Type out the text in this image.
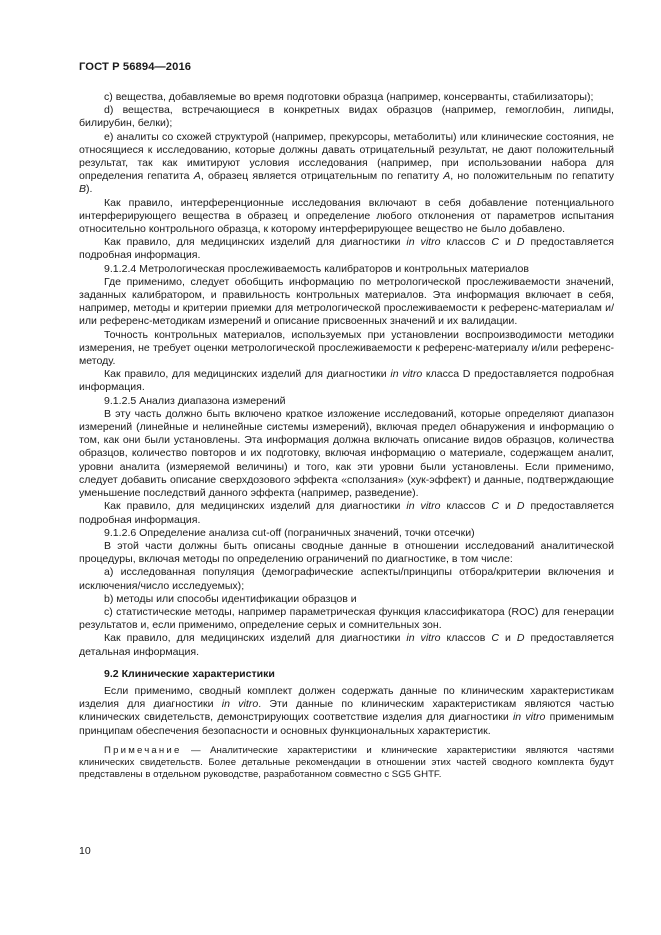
ГОСТ Р 56894—2016

c) вещества, добавляемые во время подготовки образца (например, консерванты, стабилизаторы);

d) вещества, встречающиеся в конкретных видах образцов (например, гемоглобин, липиды, билирубин, белки);

e) аналиты со схожей структурой (например, прекурсоры, метаболиты) или клинические состояния, не относящиеся к исследованию, которые должны давать отрицательный результат, не дают положительный результат, так как имитируют условия исследования (например, при использовании набора для определения гепатита А, образец является отрицательным по гепатиту А, но положительным по гепатиту В).

Как правило, интерференционные исследования включают в себя добавление потенциального интерферирующего вещества в образец и определение любого отклонения от параметров испытания относительно контрольного образца, к которому интерферирующее вещество не было добавлено.

Как правило, для медицинских изделий для диагностики in vitro классов С и D предоставляется подробная информация.

9.1.2.4 Метрологическая прослеживаемость калибраторов и контрольных материалов

Где применимо, следует обобщить информацию по метрологической прослеживаемости значений, заданных калибратором, и правильность контрольных материалов. Эта информация включает в себя, например, методы и критерии приемки для метрологической прослеживаемости к референс-материалам и/или референс-методикам измерений и описание присвоенных значений и их валидации.

Точность контрольных материалов, используемых при установлении воспроизводимости методики измерения, не требует оценки метрологической прослеживаемости к референс-материалу и/или референс-методу.

Как правило, для медицинских изделий для диагностики in vitro класса D предоставляется подробная информация.

9.1.2.5 Анализ диапазона измерений

В эту часть должно быть включено краткое изложение исследований, которые определяют диапазон измерений (линейные и нелинейные системы измерений), включая предел обнаружения и информацию о том, как они были установлены. Эта информация должна включать описание видов образцов, количества образцов, количество повторов и их подготовку, включая информацию о материале, содержащем аналит, уровни аналита (измеряемой величины) и того, как эти уровни были установлены. Если применимо, следует добавить описание сверхдозового эффекта «сползания» (хук-эффект) и данные, подтверждающие уменьшение последствий данного эффекта (например, разведение).

Как правило, для медицинских изделий для диагностики in vitro классов С и D предоставляется подробная информация.

9.1.2.6 Определение анализа cut-off (пограничных значений, точки отсечки)

В этой части должны быть описаны сводные данные в отношении исследований аналитической процедуры, включая методы по определению ограничений по диагностике, в том числе:

a) исследованная популяция (демографические аспекты/принципы отбора/критерии включения и исключения/число исследуемых);

b) методы или способы идентификации образцов и

c) статистические методы, например параметрическая функция классификатора (ROC) для генерации результатов и, если применимо, определение серых и сомнительных зон.

Как правило, для медицинских изделий для диагностики in vitro классов С и D предоставляется детальная информация.

9.2 Клинические характеристики

Если применимо, сводный комплект должен содержать данные по клиническим характеристикам изделия для диагностики in vitro. Эти данные по клиническим характеристикам являются частью клинических свидетельств, демонстрирующих соответствие изделия для диагностики in vitro применимым принципам обеспечения безопасности и основных функциональных характеристик.

Примечание — Аналитические характеристики и клинические характеристики являются частями клинических свидетельств. Более детальные рекомендации в отношении этих частей сводного комплекта будут представлены в отдельном руководстве, разработанном совместно с SG5 GHTF.

10
